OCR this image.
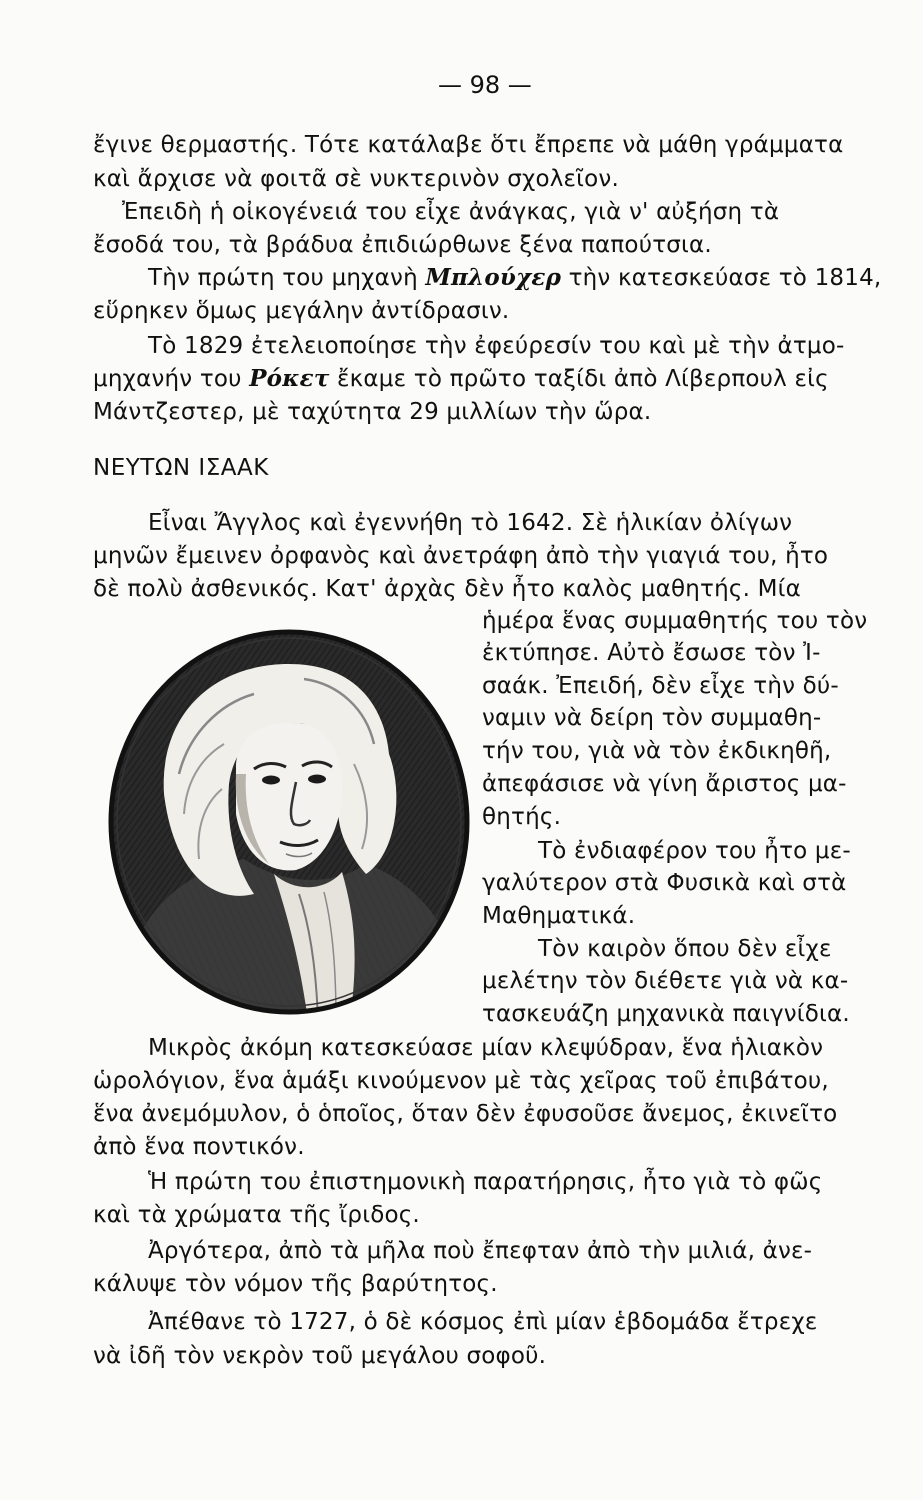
— 98 —
ἔγινε θερμαστής. Τότε κατάλαβε ὅτι ἔπρεπε νὰ μάθη γράμματα
καὶ ἄρχισε νὰ φοιτᾶ σὲ νυκτερινὸν σχολεῖον.
Ἐπειδὴ ἡ οἰκογένειά του εἶχε ἀνάγκας, γιὰ ν' αὐξήση τὰ
ἔσοδά του, τὰ βράδυα ἐπιδιώρθωνε ξένα παπούτσια.
Τὴν πρώτη του μηχανὴ Μπλούχερ τὴν κατεσκεύασε τὸ 1814,
εὕρηκεν ὅμως μεγάλην ἀντίδρασιν.
Τὸ 1829 ἐτελειοποίησε τὴν ἐφεύρεσίν του καὶ μὲ τὴν ἀτμο-
μηχανήν του Ρόκετ ἔκαμε τὸ πρῶτο ταξίδι ἀπὸ Λίβερπουλ εἰς
Μάντζεστερ, μὲ ταχύτητα 29 μιλλίων τὴν ὥρα.
ΝΕΥΤΩΝ ΙΣΑΑΚ
Εἶναι Ἄγγλος καὶ ἐγεννήθη τὸ 1642. Σὲ ἡλικίαν ὀλίγων
μηνῶν ἔμεινεν ὀρφανὸς καὶ ἀνετράφη ἀπὸ τὴν γιαγιά του, ἦτο
δὲ πολὺ ἀσθενικός. Κατ' ἀρχὰς δὲν ἦτο καλὸς μαθητής. Μία
ἡμέρα ἕνας συμμαθητής του τὸν
ἐκτύπησε. Αὐτὸ ἔσωσε τὸν Ἰ-
σαάκ. Ἐπειδή, δὲν εἶχε τὴν δύ-
ναμιν νὰ δείρη τὸν συμμαθη-
τήν του, γιὰ νὰ τὸν ἐκδικηθῆ,
ἀπεφάσισε νὰ γίνη ἄριστος μα-
θητής.
Τὸ ἐνδιαφέρον του ἦτο με-
γαλύτερον στὰ Φυσικὰ καὶ στὰ
Μαθηματικά.
Τὸν καιρὸν ὅπου δὲν εἶχε
μελέτην τὸν διέθετε γιὰ νὰ κα-
τασκευάζη μηχανικὰ παιγνίδια.
Μικρὸς ἀκόμη κατεσκεύασε μίαν κλεψύδραν, ἕνα ἡλιακὸν
ὡρολόγιον, ἕνα ἁμάξι κινούμενον μὲ τὰς χεῖρας τοῦ ἐπιβάτου,
ἕνα ἀνεμόμυλον, ὁ ὁποῖος, ὅταν δὲν ἐφυσοῦσε ἄνεμος, ἐκινεῖτο
ἀπὸ ἕνα ποντικόν.
Ἡ πρώτη του ἐπιστημονικὴ παρατήρησις, ἦτο γιὰ τὸ φῶς
καὶ τὰ χρώματα τῆς ἴριδος.
Ἀργότερα, ἀπὸ τὰ μῆλα ποὺ ἔπεφταν ἀπὸ τὴν μιλιά, ἀνε-
κάλυψε τὸν νόμον τῆς βαρύτητος.
Ἀπέθανε τὸ 1727, ὁ δὲ κόσμος ἐπὶ μίαν ἑβδομάδα ἔτρεχε
νὰ ἰδῆ τὸν νεκρὸν τοῦ μεγάλου σοφοῦ.
